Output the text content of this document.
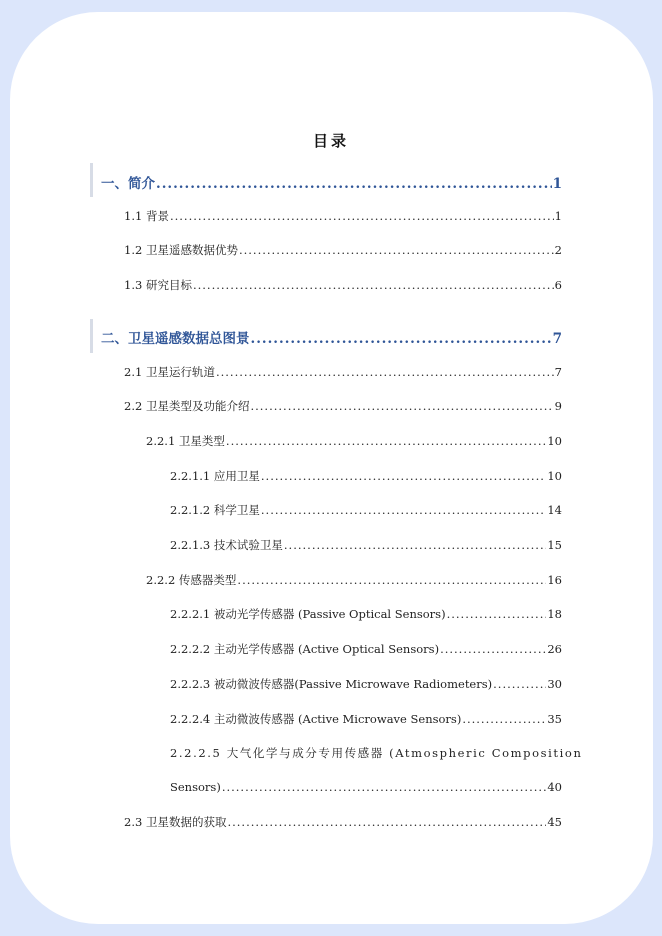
目录
一、简介 .....	1
1.1 背景 .....	1
1.2 卫星遥感数据优势 .....	2
1.3 研究目标 .....	6
二、卫星遥感数据总图景 .....	7
2.1 卫星运行轨道 .....	7
2.2 卫星类型及功能介绍 .....	9
2.2.1 卫星类型 .....	10
2.2.1.1 应用卫星 .....	10
2.2.1.2 科学卫星 .....	14
2.2.1.3 技术试验卫星 .....	15
2.2.2 传感器类型 .....	16
2.2.2.1 被动光学传感器 (Passive Optical Sensors) .....	18
2.2.2.2 主动光学传感器 (Active Optical Sensors) .....	26
2.2.2.3 被动微波传感器(Passive Microwave Radiometers) .....	30
2.2.2.4 主动微波传感器 (Active Microwave Sensors) .....	35
2.2.2.5 大气化学与成分专用传感器 (Atmospheric Composition
Sensors) .....	40
2.3 卫星数据的获取 .....	45
